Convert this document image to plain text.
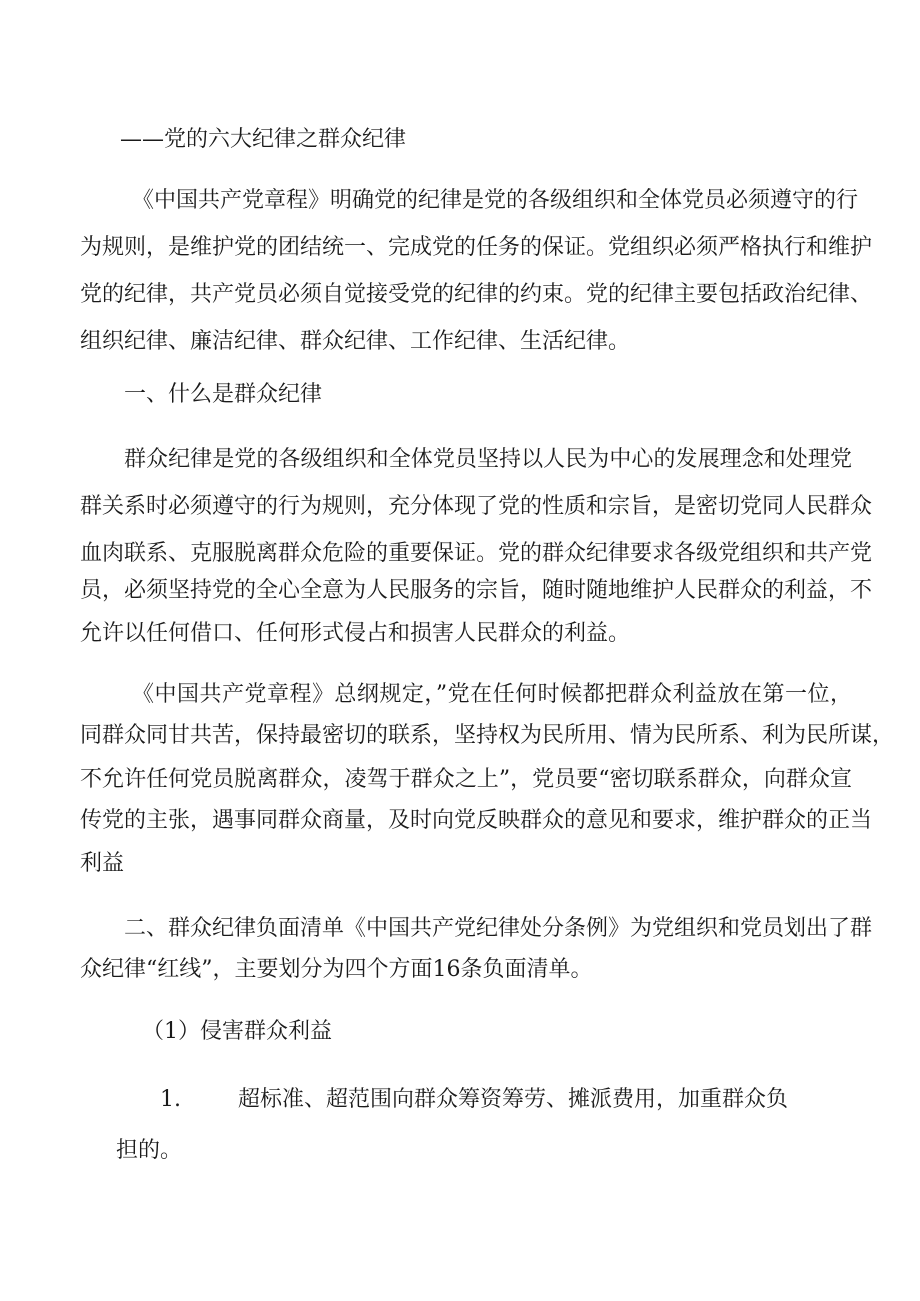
——党的六大纪律之群众纪律
《中国共产党章程》明确党的纪律是党的各级组织和全体党员必须遵守的行
为规则，是维护党的团结统一、完成党的任务的保证。党组织必须严格执行和维护
党的纪律，共产党员必须自觉接受党的纪律的约束。党的纪律主要包括政治纪律、
组织纪律、廉洁纪律、群众纪律、工作纪律、生活纪律。
一、什么是群众纪律
群众纪律是党的各级组织和全体党员坚持以人民为中心的发展理念和处理党
群关系时必须遵守的行为规则，充分体现了党的性质和宗旨，是密切党同人民群众
血肉联系、克服脱离群众危险的重要保证。党的群众纪律要求各级党组织和共产党
员，必须坚持党的全心全意为人民服务的宗旨，随时随地维护人民群众的利益，不
允许以任何借口、任何形式侵占和损害人民群众的利益。
《中国共产党章程》总纲规定，”党在任何时候都把群众利益放在第一位，
同群众同甘共苦，保持最密切的联系，坚持权为民所用、情为民所系、利为民所谋，
不允许任何党员脱离群众，凌驾于群众之上”，党员要“密切联系群众，向群众宣
传党的主张，遇事同群众商量，及时向党反映群众的意见和要求，维护群众的正当
利益
二、群众纪律负面清单《中国共产党纪律处分条例》为党组织和党员划出了群
众纪律“红线”，主要划分为四个方面16条负面清单。
（1）侵害群众利益
1.	超标准、超范围向群众筹资筹劳、摊派费用，加重群众负
担的。
